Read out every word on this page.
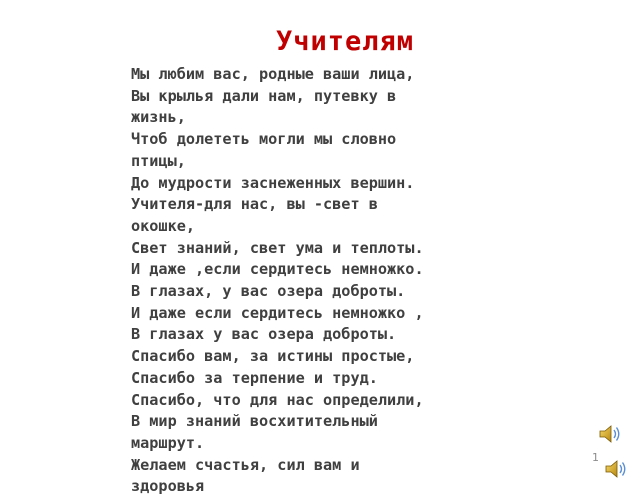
Учителям
Мы любим вас, родные ваши лица,
Вы крылья дали нам, путевку в
жизнь,
Чтоб долететь могли мы словно
птицы,
До мудрости заснеженных вершин.
Учителя-для нас, вы -свет в
окошке,
Свет знаний, свет ума и теплоты.
И даже ,если сердитесь немножко.
В глазах, у вас озера доброты.
И даже если сердитесь немножко ,
В глазах у вас озера доброты.
Спасибо вам, за истины простые,
Спасибо за терпение и труд.
Спасибо, что для нас определили,
В мир знаний восхитительный
маршрут.
Желаем счастья, сил вам и
здоровья
1
